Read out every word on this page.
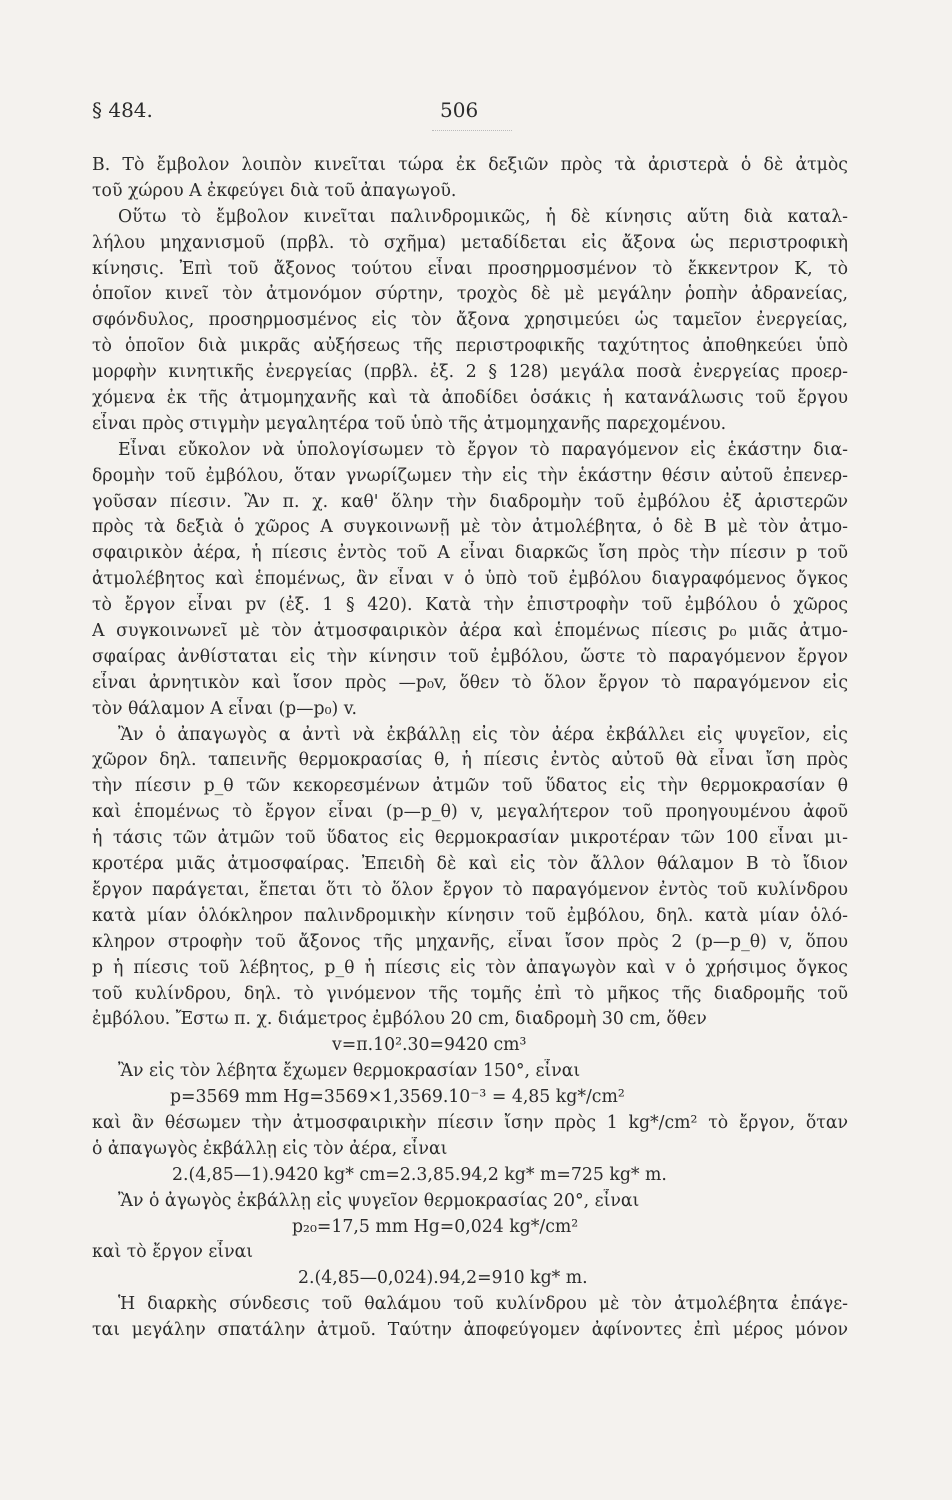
§ 484.	506
Β. Τὸ ἔμβολον λοιπὸν κινεῖται τώρα ἐκ δεξιῶν πρὸς τὰ ἀριστερὰ ὁ δὲ ἀτμὸς
τοῦ χώρου Α ἐκφεύγει διὰ τοῦ ἀπαγωγοῦ.
Οὕτω τὸ ἔμβολον κινεῖται παλινδρομικῶς, ἡ δὲ κίνησις αὕτη διὰ καταλ-
λήλου μηχανισμοῦ (πρβλ. τὸ σχῆμα) μεταδίδεται εἰς ἄξονα ὡς περιστροφικὴ
κίνησις. Ἐπὶ τοῦ ἄξονος τούτου εἶναι προσηρμοσμένον τὸ ἔκκεντρον Κ, τὸ
ὁποῖον κινεῖ τὸν ἀτμονόμον σύρτην, τροχὸς δὲ μὲ μεγάλην ῥοπὴν ἀδρανείας,
σφόνδυλος, προσηρμοσμένος εἰς τὸν ἄξονα χρησιμεύει ὡς ταμεῖον ἐνεργείας,
τὸ ὁποῖον διὰ μικρᾶς αὐξήσεως τῆς περιστροφικῆς ταχύτητος ἀποθηκεύει ὑπὸ
μορφὴν κινητικῆς ἐνεργείας (πρβλ. ἐξ. 2 § 128) μεγάλα ποσὰ ἐνεργείας προερ-
χόμενα ἐκ τῆς ἀτμομηχανῆς καὶ τὰ ἀποδίδει ὁσάκις ἡ κατανάλωσις τοῦ ἔργου
εἶναι πρὸς στιγμὴν μεγαλητέρα τοῦ ὑπὸ τῆς ἀτμομηχανῆς παρεχομένου.
Εἶναι εὔκολον νὰ ὑπολογίσωμεν τὸ ἔργον τὸ παραγόμενον εἰς ἑκάστην δια-
δρομὴν τοῦ ἐμβόλου, ὅταν γνωρίζωμεν τὴν εἰς τὴν ἑκάστην θέσιν αὐτοῦ ἐπενερ-
γοῦσαν πίεσιν. Ἂν π. χ. καθ' ὅλην τὴν διαδρομὴν τοῦ ἐμβόλου ἐξ ἀριστερῶν
πρὸς τὰ δεξιὰ ὁ χῶρος Α συγκοινωνῇ μὲ τὸν ἀτμολέβητα, ὁ δὲ Β μὲ τὸν ἀτμο-
σφαιρικὸν ἀέρα, ἡ πίεσις ἐντὸς τοῦ Α εἶναι διαρκῶς ἴση πρὸς τὴν πίεσιν p τοῦ
ἀτμολέβητος καὶ ἑπομένως, ἂν εἶναι v ὁ ὑπὸ τοῦ ἐμβόλου διαγραφόμενος ὄγκος
τὸ ἔργον εἶναι pv (ἐξ. 1 § 420). Κατὰ τὴν ἐπιστροφὴν τοῦ ἐμβόλου ὁ χῶρος
Α συγκοινωνεῖ μὲ τὸν ἀτμοσφαιρικὸν ἀέρα καὶ ἑπομένως πίεσις p₀ μιᾶς ἀτμο-
σφαίρας ἀνθίσταται εἰς τὴν κίνησιν τοῦ ἐμβόλου, ὥστε τὸ παραγόμενον ἔργον
εἶναι ἀρνητικὸν καὶ ἴσον πρὸς —p₀v, ὅθεν τὸ ὅλον ἔργον τὸ παραγόμενον εἰς
τὸν θάλαμον Α εἶναι (p—p₀) v.
Ἂν ὁ ἀπαγωγὸς α ἀντὶ νὰ ἐκβάλλῃ εἰς τὸν ἀέρα ἐκβάλλει εἰς ψυγεῖον, εἰς
χῶρον δηλ. ταπεινῆς θερμοκρασίας θ, ἡ πίεσις ἐντὸς αὐτοῦ θὰ εἶναι ἴση πρὸς
τὴν πίεσιν p_θ τῶν κεκορεσμένων ἀτμῶν τοῦ ὕδατος εἰς τὴν θερμοκρασίαν θ
καὶ ἑπομένως τὸ ἔργον εἶναι (p—p_θ) v, μεγαλήτερον τοῦ προηγουμένου ἀφοῦ
ἡ τάσις τῶν ἀτμῶν τοῦ ὕδατος εἰς θερμοκρασίαν μικροτέραν τῶν 100 εἶναι μι-
κροτέρα μιᾶς ἀτμοσφαίρας. Ἐπειδὴ δὲ καὶ εἰς τὸν ἄλλον θάλαμον Β τὸ ἴδιον
ἔργον παράγεται, ἔπεται ὅτι τὸ ὅλον ἔργον τὸ παραγόμενον ἐντὸς τοῦ κυλίνδρου
κατὰ μίαν ὁλόκληρον παλινδρομικὴν κίνησιν τοῦ ἐμβόλου, δηλ. κατὰ μίαν ὁλό-
κληρον στροφὴν τοῦ ἄξονος τῆς μηχανῆς, εἶναι ἴσον πρὸς 2 (p—p_θ) v, ὅπου
p ἡ πίεσις τοῦ λέβητος, p_θ ἡ πίεσις εἰς τὸν ἀπαγωγὸν καὶ v ὁ χρήσιμος ὄγκος
τοῦ κυλίνδρου, δηλ. τὸ γινόμενον τῆς τομῆς ἐπὶ τὸ μῆκος τῆς διαδρομῆς τοῦ
ἐμβόλου. Ἔστω π. χ. διάμετρος ἐμβόλου 20 cm, διαδρομὴ 30 cm, ὅθεν
v=π.10².30=9420 cm³
Ἂν εἰς τὸν λέβητα ἔχωμεν θερμοκρασίαν 150°, εἶναι
p=3569 mm Hg=3569×1,3569.10⁻³ = 4,85 kg*/cm²
καὶ ἂν θέσωμεν τὴν ἀτμοσφαιρικὴν πίεσιν ἴσην πρὸς 1 kg*/cm² τὸ ἔργον, ὅταν
ὁ ἀπαγωγὸς ἐκβάλλῃ εἰς τὸν ἀέρα, εἶναι
2.(4,85—1).9420 kg* cm=2.3,85.94,2 kg* m=725 kg* m.
Ἂν ὁ ἀγωγὸς ἐκβάλλῃ εἰς ψυγεῖον θερμοκρασίας 20°, εἶναι
p₂₀=17,5 mm Hg=0,024 kg*/cm²
καὶ τὸ ἔργον εἶναι
2.(4,85—0,024).94,2=910 kg* m.
Ἡ διαρκὴς σύνδεσις τοῦ θαλάμου τοῦ κυλίνδρου μὲ τὸν ἀτμολέβητα ἐπάγε-
ται μεγάλην σπατάλην ἀτμοῦ. Ταύτην ἀποφεύγομεν ἀφίνοντες ἐπὶ μέρος μόνον
